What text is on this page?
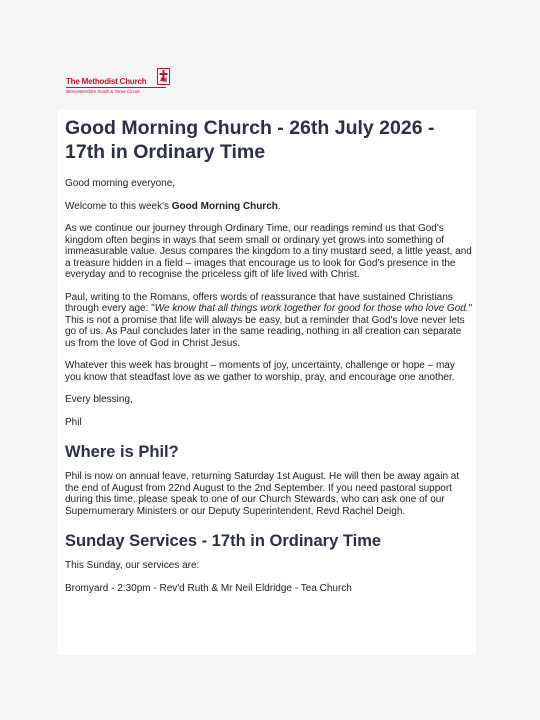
The Methodist Church
Worcestershire South & Teme Circuit
Good Morning Church - 26th July 2026 - 17th in Ordinary Time

Good morning everyone,

Welcome to this week's Good Morning Church.

As we continue our journey through Ordinary Time, our readings remind us that God's kingdom often begins in ways that seem small or ordinary yet grows into something of immeasurable value. Jesus compares the kingdom to a tiny mustard seed, a little yeast, and a treasure hidden in a field – images that encourage us to look for God's presence in the everyday and to recognise the priceless gift of life lived with Christ.

Paul, writing to the Romans, offers words of reassurance that have sustained Christians through every age: "We know that all things work together for good for those who love God." This is not a promise that life will always be easy, but a reminder that God's love never lets go of us. As Paul concludes later in the same reading, nothing in all creation can separate us from the love of God in Christ Jesus.

Whatever this week has brought – moments of joy, uncertainty, challenge or hope – may you know that steadfast love as we gather to worship, pray, and encourage one another.

Every blessing,

Phil

Where is Phil?

Phil is now on annual leave, returning Saturday 1st August. He will then be away again at the end of August from 22nd August to the 2nd September. If you need pastoral support during this time, please speak to one of our Church Stewards, who can ask one of our Supernumerary Ministers or our Deputy Superintendent, Revd Rachel Deigh.

Sunday Services - 17th in Ordinary Time

This Sunday, our services are:

Bromyard - 2:30pm - Rev'd Ruth & Mr Neil Eldridge - Tea Church
